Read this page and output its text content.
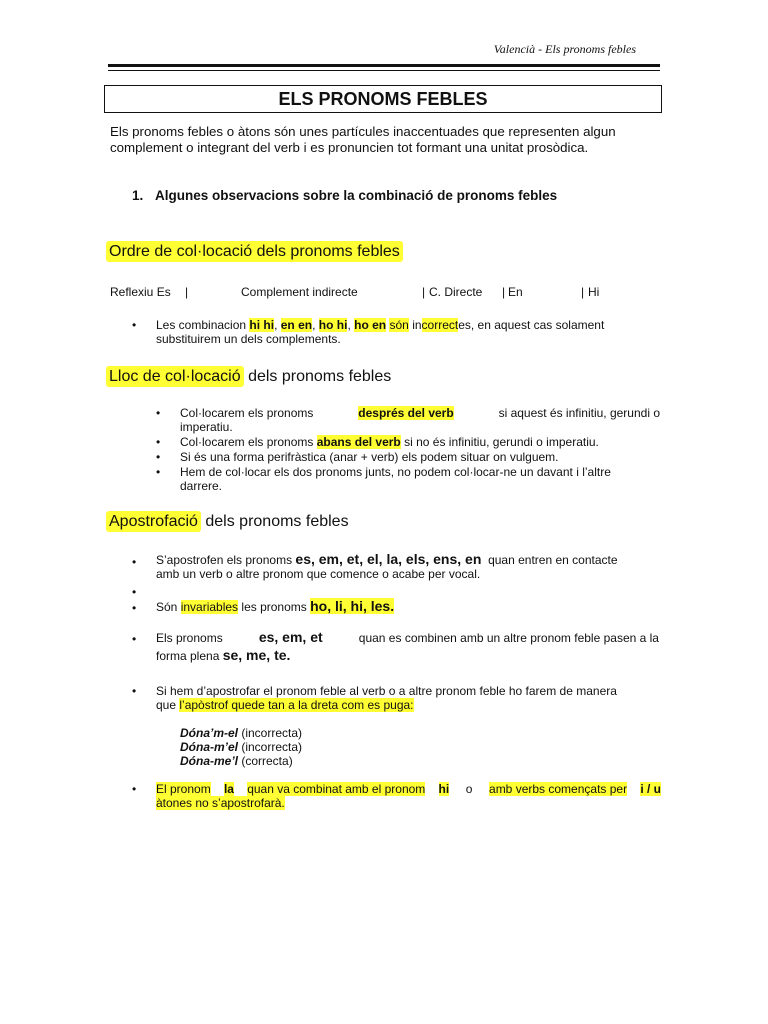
Valencià - Els pronoms febles
ELS PRONOMS FEBLES
Els pronoms febles o àtons són unes partícules inaccentuades que representen algun complement o integrant del verb i es pronuncien tot formant una unitat prosòdica.
1. Algunes observacions sobre la combinació de pronoms febles
Ordre de col·locació dels pronoms febles
Reflexiu Es |	Complement indirecte	| C. Directe | En	| Hi
• Les combinacion hi hi, en en, ho hi, ho en són incorrectes, en aquest cas solament
substituirem un dels complements.
Lloc de col·locació dels pronoms febles
• Col·locarem els pronoms	després del verb	si aquest és infinitiu, gerundi o
imperatiu.
• Col·locarem els pronoms abans del verb si no és infinitiu, gerundi o imperatiu.
• Si és una forma perifràstica (anar + verb) els podem situar on vulguem.
• Hem de col·locar els dos pronoms junts, no podem col·locar-ne un davant i l’altre
darrere.
Apostrofació dels pronoms febles
• S’apostrofen els pronoms es, em, et, el, la, els, ens, en  quan entren en contacte
amb un verb o altre pronom que comence o acabe per vocal.
•
• Són invariables les pronoms ho, li, hi, les.
• Els pronoms	es, em, et	quan es combinen amb un altre pronom feble pasen a la
forma plena se, me, te.
• Si hem d’apostrofar el pronom feble al verb o a altre pronom feble ho farem de manera
que l’apòstrof quede tan a la dreta com es puga:
Dóna’m-el (incorrecta)
Dóna-m’el (incorrecta)
Dóna-me’l (correcta)
• El pronom la quan va combinat amb el pronom hi o amb verbs començats per i / u
àtones no s’apostrofarà.
